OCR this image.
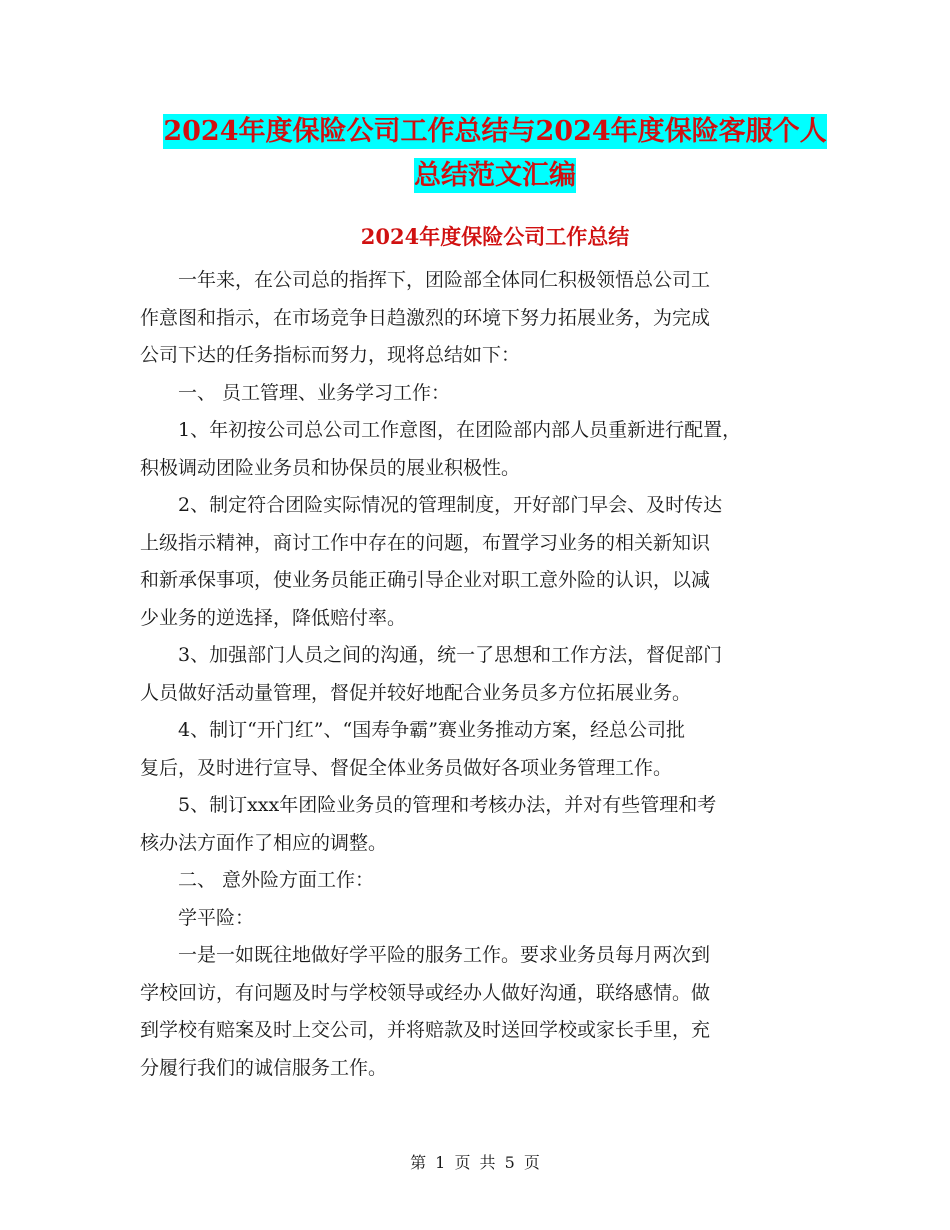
2024年度保险公司工作总结与2024年度保险客服个人
总结范文汇编
2024年度保险公司工作总结

一年来，在公司总的指挥下，团险部全体同仁积极领悟总公司工
作意图和指示，在市场竞争日趋激烈的环境下努力拓展业务，为完成
公司下达的任务指标而努力，现将总结如下：

一、 员工管理、业务学习工作：

1、年初按公司总公司工作意图，在团险部内部人员重新进行配置，
积极调动团险业务员和协保员的展业积极性。

2、制定符合团险实际情况的管理制度，开好部门早会、及时传达
上级指示精神，商讨工作中存在的问题，布置学习业务的相关新知识
和新承保事项，使业务员能正确引导企业对职工意外险的认识，以减
少业务的逆选择，降低赔付率。

3、加强部门人员之间的沟通，统一了思想和工作方法，督促部门
人员做好活动量管理，督促并较好地配合业务员多方位拓展业务。

4、制订“开门红”、“国寿争霸”赛业务推动方案，经总公司批
复后，及时进行宣导、督促全体业务员做好各项业务管理工作。

5、制订xxx年团险业务员的管理和考核办法，并对有些管理和考
核办法方面作了相应的调整。

二、 意外险方面工作：

学平险：

一是一如既往地做好学平险的服务工作。要求业务员每月两次到
学校回访，有问题及时与学校领导或经办人做好沟通，联络感情。做
到学校有赔案及时上交公司，并将赔款及时送回学校或家长手里，充
分履行我们的诚信服务工作。

第 1 页 共 5 页
